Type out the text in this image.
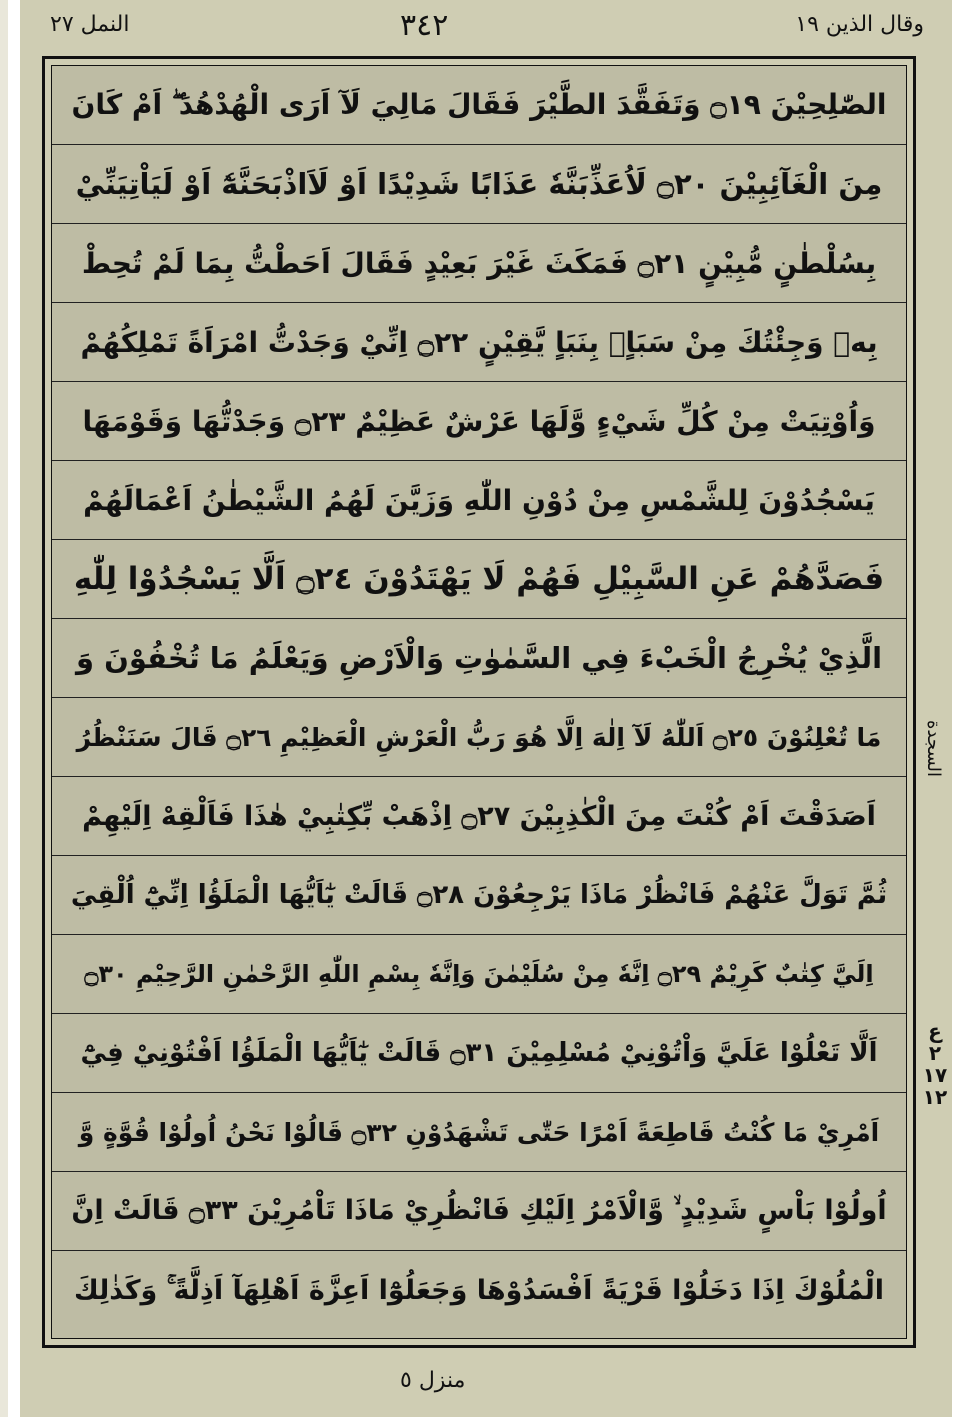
وقال الذين ١٩
٣٤٢
النمل ٢٧
الصّٰلِحِيْنَ ۝١٩ وَتَفَقَّدَ الطَّيْرَ فَقَالَ مَالِيَ لَآ اَرَى الْهُدْهُدَ ۖ اَمْ كَانَ
مِنَ الْغَآئِبِيْنَ ۝٢٠ لَاُعَذِّبَنَّهٗ عَذَابًا شَدِيْدًا اَوْ لَاَاذْبَحَنَّهٗٓ اَوْ لَيَاْتِيَنِّيْ
بِسُلْطٰنٍ مُّبِيْنٍ ۝٢١ فَمَكَثَ غَيْرَ بَعِيْدٍ فَقَالَ اَحَطْتُّ بِمَا لَمْ تُحِطْ
بِهٖ وَجِئْتُكَ مِنْ سَبَاٍۭ بِنَبَاٍ يَّقِيْنٍ ۝٢٢ اِنِّيْ وَجَدْتُّ امْرَاَةً تَمْلِكُهُمْ
وَاُوْتِيَتْ مِنْ كُلِّ شَيْءٍ وَّلَهَا عَرْشٌ عَظِيْمٌ ۝٢٣ وَجَدْتُّهَا وَقَوْمَهَا
يَسْجُدُوْنَ لِلشَّمْسِ مِنْ دُوْنِ اللّٰهِ وَزَيَّنَ لَهُمُ الشَّيْطٰنُ اَعْمَالَهُمْ
فَصَدَّهُمْ عَنِ السَّبِيْلِ فَهُمْ لَا يَهْتَدُوْنَ ۝٢٤ اَلَّا يَسْجُدُوْا لِلّٰهِ
الَّذِيْ يُخْرِجُ الْخَبْءَ فِي السَّمٰوٰتِ وَالْاَرْضِ وَيَعْلَمُ مَا تُخْفُوْنَ وَ
مَا تُعْلِنُوْنَ ۝٢٥ اَللّٰهُ لَآ اِلٰهَ اِلَّا هُوَ رَبُّ الْعَرْشِ الْعَظِيْمِ ۝٢٦ قَالَ سَنَنْظُرُ
اَصَدَقْتَ اَمْ كُنْتَ مِنَ الْكٰذِبِيْنَ ۝٢٧ اِذْهَبْ بِّكِتٰبِيْ هٰذَا فَاَلْقِهْ اِلَيْهِمْ
ثُمَّ تَوَلَّ عَنْهُمْ فَانْظُرْ مَاذَا يَرْجِعُوْنَ ۝٢٨ قَالَتْ يٰٓاَيُّهَا الْمَلَؤُا اِنِّيْٓ اُلْقِيَ
اِلَيَّ كِتٰبٌ كَرِيْمٌ ۝٢٩ اِنَّهٗ مِنْ سُلَيْمٰنَ وَاِنَّهٗ بِسْمِ اللّٰهِ الرَّحْمٰنِ الرَّحِيْمِ ۝٣٠
اَلَّا تَعْلُوْا عَلَيَّ وَاْتُوْنِيْ مُسْلِمِيْنَ ۝٣١ قَالَتْ يٰٓاَيُّهَا الْمَلَؤُا اَفْتُوْنِيْ فِيْٓ
اَمْرِيْ مَا كُنْتُ قَاطِعَةً اَمْرًا حَتّٰى تَشْهَدُوْنِ ۝٣٢ قَالُوْا نَحْنُ اُولُوْا قُوَّةٍ وَّ
اُولُوْا بَاْسٍ شَدِيْدٍ ۙ وَّالْاَمْرُ اِلَيْكِ فَانْظُرِيْ مَاذَا تَاْمُرِيْنَ ۝٣٣ قَالَتْ اِنَّ
الْمُلُوْكَ اِذَا دَخَلُوْا قَرْيَةً اَفْسَدُوْهَا وَجَعَلُوْٓا اَعِزَّةَ اَهْلِهَآ اَذِلَّةً ۚ وَكَذٰلِكَ
السجدة
ع ٢
١٧
١٢
منزل ٥
